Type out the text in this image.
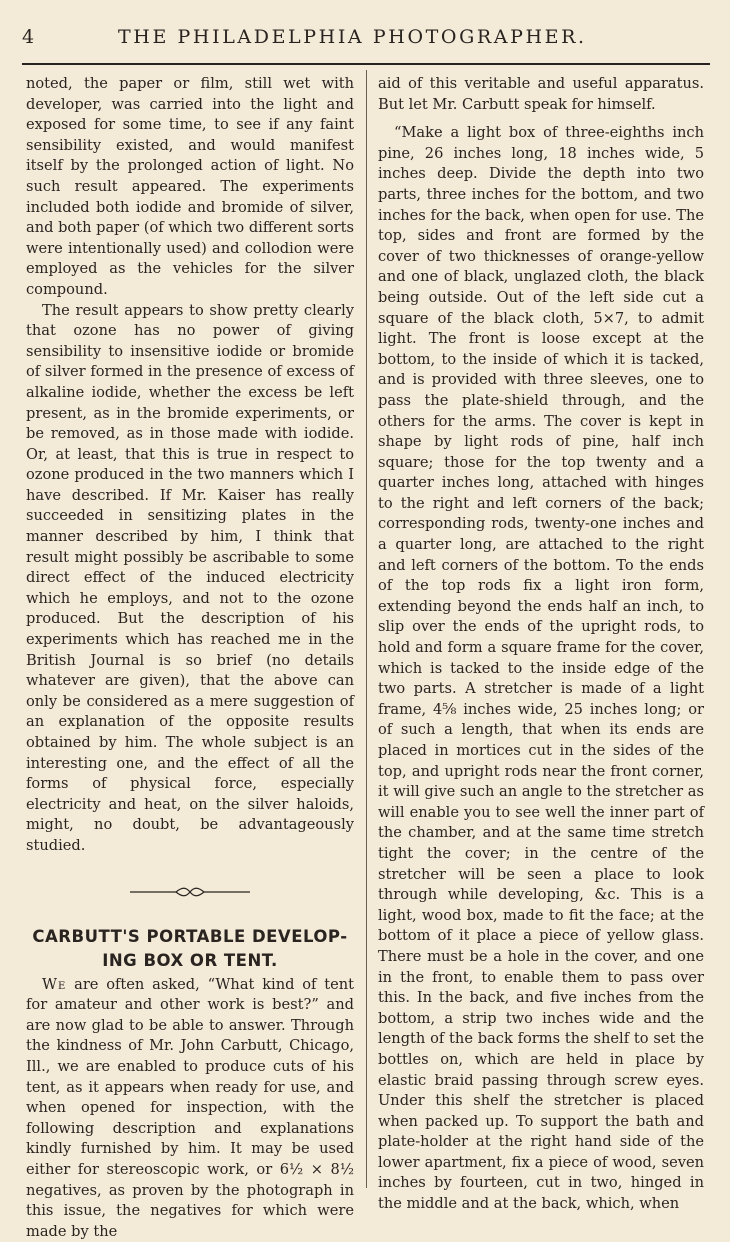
4	THE PHILADELPHIA PHOTOGRAPHER.

noted, the paper or film, still wet with developer, was carried into the light and exposed for some time, to see if any faint sensibility existed, and would manifest itself by the prolonged action of light. No such result appeared. The experiments included both iodide and bromide of silver, and both paper (of which two different sorts were intentionally used) and collodion were employed as the vehicles for the silver compound.

The result appears to show pretty clearly that ozone has no power of giving sensibility to insensitive iodide or bromide of silver formed in the presence of excess of alkaline iodide, whether the excess be left present, as in the bromide experiments, or be removed, as in those made with iodide. Or, at least, that this is true in respect to ozone produced in the two manners which I have described. If Mr. Kaiser has really succeeded in sensitizing plates in the manner described by him, I think that result might possibly be ascribable to some direct effect of the induced electricity which he employs, and not to the ozone produced. But the description of his experiments which has reached me in the British Journal is so brief (no details whatever are given), that the above can only be considered as a mere suggestion of an explanation of the opposite results obtained by him. The whole subject is an interesting one, and the effect of all the forms of physical force, especially electricity and heat, on the silver haloids, might, no doubt, be advantageously studied.

CARBUTT'S PORTABLE DEVELOP-
ING BOX OR TENT.

We are often asked, “What kind of tent for amateur and other work is best?” and are now glad to be able to answer. Through the kindness of Mr. John Carbutt, Chicago, Ill., we are enabled to produce cuts of his tent, as it appears when ready for use, and when opened for inspection, with the following description and explanations kindly furnished by him. It may be used either for stereoscopic work, or 6½ × 8½ negatives, as proven by the photograph in this issue, the negatives for which were made by the

aid of this veritable and useful apparatus. But let Mr. Carbutt speak for himself.

“Make a light box of three-eighths inch pine, 26 inches long, 18 inches wide, 5 inches deep. Divide the depth into two parts, three inches for the bottom, and two inches for the back, when open for use. The top, sides and front are formed by the cover of two thicknesses of orange-yellow and one of black, unglazed cloth, the black being outside. Out of the left side cut a square of the black cloth, 5×7, to admit light. The front is loose except at the bottom, to the inside of which it is tacked, and is provided with three sleeves, one to pass the plate-shield through, and the others for the arms. The cover is kept in shape by light rods of pine, half inch square; those for the top twenty and a quarter inches long, attached with hinges to the right and left corners of the back; corresponding rods, twenty-one inches and a quarter long, are attached to the right and left corners of the bottom. To the ends of the top rods fix a light iron form, extending beyond the ends half an inch, to slip over the ends of the upright rods, to hold and form a square frame for the cover, which is tacked to the inside edge of the two parts. A stretcher is made of a light frame, 4⅝ inches wide, 25 inches long; or of such a length, that when its ends are placed in mortices cut in the sides of the top, and upright rods near the front corner, it will give such an angle to the stretcher as will enable you to see well the inner part of the chamber, and at the same time stretch tight the cover; in the centre of the stretcher will be seen a place to look through while developing, &c. This is a light, wood box, made to fit the face; at the bottom of it place a piece of yellow glass. There must be a hole in the cover, and one in the front, to enable them to pass over this. In the back, and five inches from the bottom, a strip two inches wide and the length of the back forms the shelf to set the bottles on, which are held in place by elastic braid passing through screw eyes. Under this shelf the stretcher is placed when packed up. To support the bath and plate-holder at the right hand side of the lower apartment, fix a piece of wood, seven inches by fourteen, cut in two, hinged in the middle and at the back, which, when
